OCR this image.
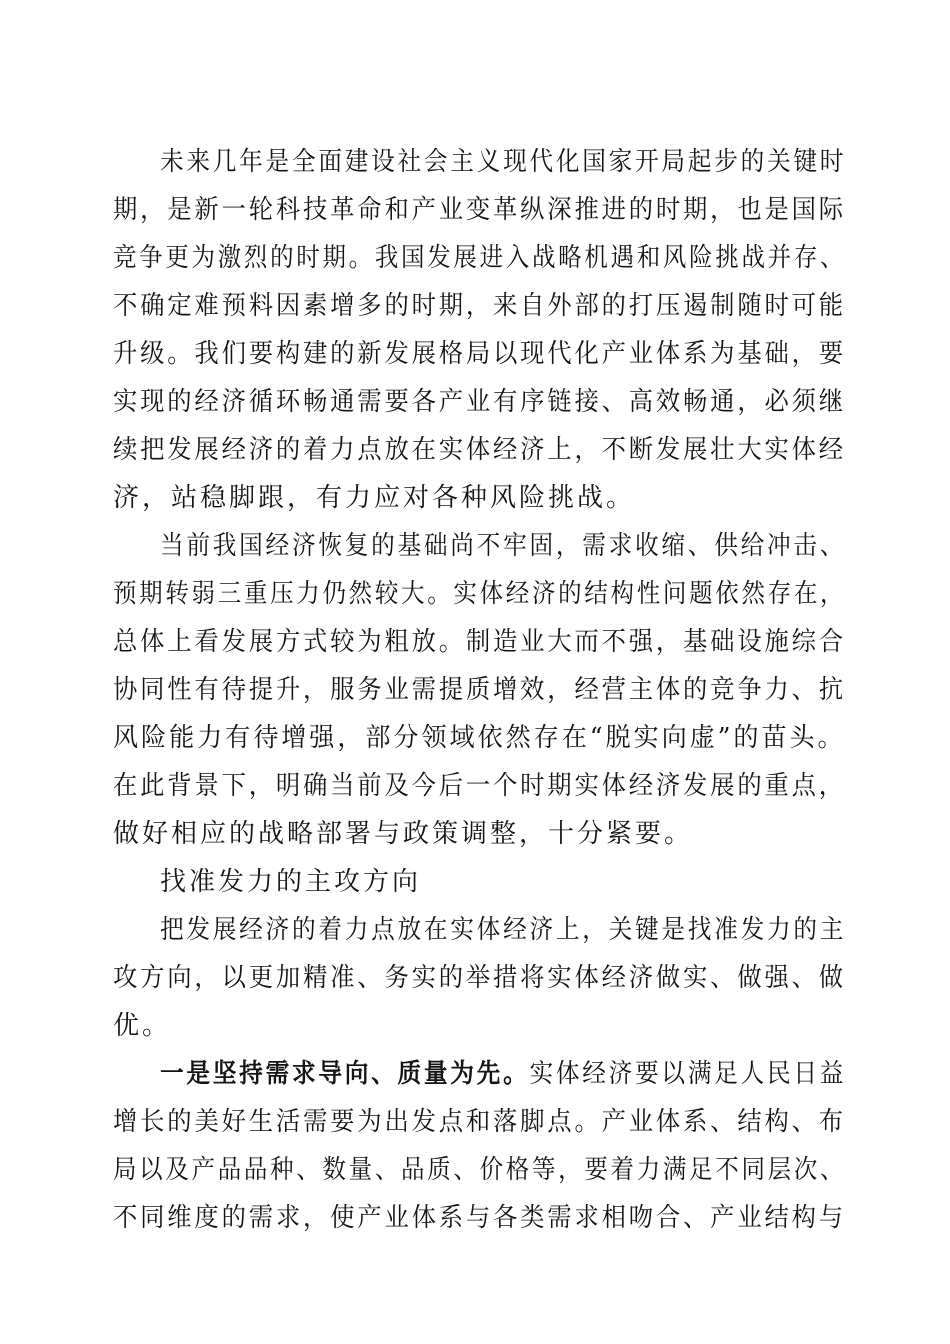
未来几年是全面建设社会主义现代化国家开局起步的关键时
期，是新一轮科技革命和产业变革纵深推进的时期，也是国际
竞争更为激烈的时期。我国发展进入战略机遇和风险挑战并存、
不确定难预料因素增多的时期，来自外部的打压遏制随时可能
升级。我们要构建的新发展格局以现代化产业体系为基础，要
实现的经济循环畅通需要各产业有序链接、高效畅通，必须继
续把发展经济的着力点放在实体经济上，不断发展壮大实体经
济，站稳脚跟，有力应对各种风险挑战。
当前我国经济恢复的基础尚不牢固，需求收缩、供给冲击、
预期转弱三重压力仍然较大。实体经济的结构性问题依然存在，
总体上看发展方式较为粗放。制造业大而不强，基础设施综合
协同性有待提升，服务业需提质增效，经营主体的竞争力、抗
风险能力有待增强，部分领域依然存在“脱实向虚”的苗头。
在此背景下，明确当前及今后一个时期实体经济发展的重点，
做好相应的战略部署与政策调整，十分紧要。
找准发力的主攻方向
把发展经济的着力点放在实体经济上，关键是找准发力的主
攻方向，以更加精准、务实的举措将实体经济做实、做强、做
优。
一是坚持需求导向、质量为先。实体经济要以满足人民日益
增长的美好生活需要为出发点和落脚点。产业体系、结构、布
局以及产品品种、数量、品质、价格等，要着力满足不同层次、
不同维度的需求，使产业体系与各类需求相吻合、产业结构与
